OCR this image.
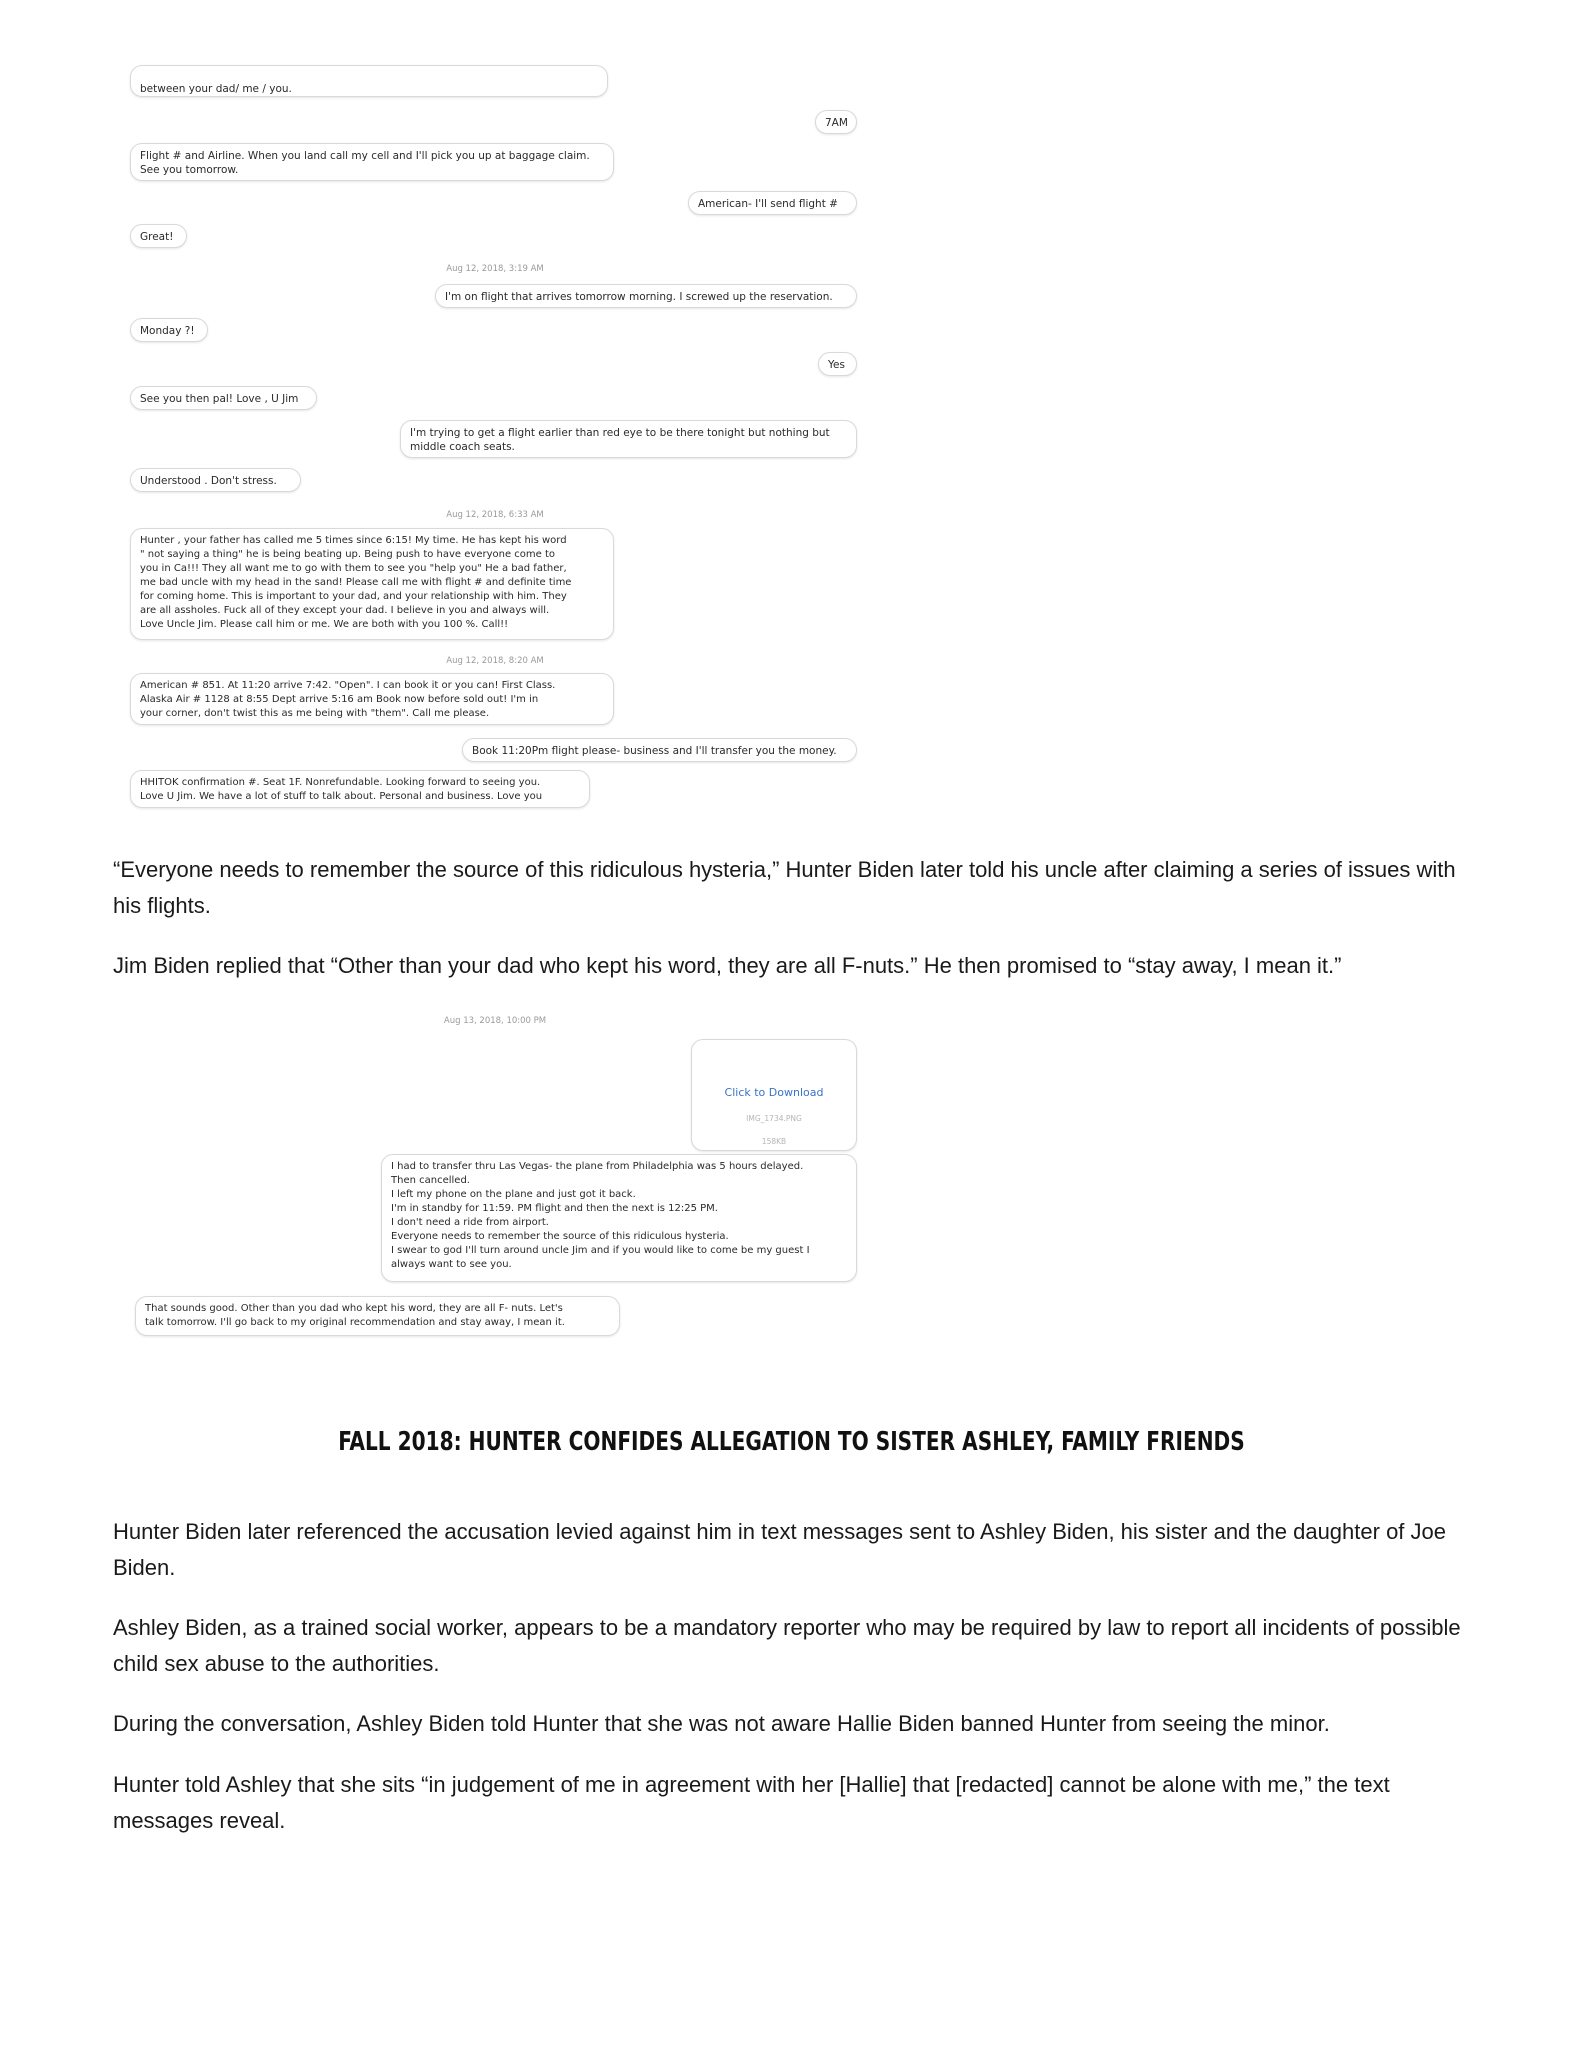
between your dad/ me / you.
7AM
Flight # and Airline. When you land call my cell and I'll pick you up at baggage claim.
See you tomorrow.
American- I'll send flight #
Great!
Aug 12, 2018, 3:19 AM
I'm on flight that arrives tomorrow morning. I screwed up the reservation.
Monday ?!
Yes
See you then pal! Love , U Jim
I'm trying to get a flight earlier than red eye to be there tonight but nothing but
middle coach seats.
Understood . Don't stress.
Aug 12, 2018, 6:33 AM
Hunter , your father has called me 5 times since 6:15! My time. He has kept his word
" not saying a thing" he is being beating up. Being push to have everyone come to
you in Ca!!! They all want me to go with them to see you "help you" He a bad father,
me bad uncle with my head in the sand! Please call me with flight # and definite time
for coming home. This is important to your dad, and your relationship with him. They
are all assholes. Fuck all of they except your dad. I believe in you and always will.
Love Uncle Jim. Please call him or me. We are both with you 100 %. Call!!
Aug 12, 2018, 8:20 AM
American # 851. At 11:20 arrive 7:42. "Open". I can book it or you can! First Class.
Alaska Air # 1128 at 8:55 Dept arrive 5:16 am Book now before sold out! I'm in
your corner, don't twist this as me being with "them". Call me please.
Book 11:20Pm flight please- business and I'll transfer you the money.
HHITOK confirmation #. Seat 1F. Nonrefundable. Looking forward to seeing you.
Love U Jim. We have a lot of stuff to talk about. Personal and business. Love you

“Everyone needs to remember the source of this ridiculous hysteria,” Hunter Biden later told his uncle after claiming a series of issues with his flights.

Jim Biden replied that “Other than your dad who kept his word, they are all F-nuts.” He then promised to “stay away, I mean it.”

Aug 13, 2018, 10:00 PM

Click to Download

IMG_1734.PNG

158KB

I had to transfer thru Las Vegas- the plane from Philadelphia was 5 hours delayed.
Then cancelled.
I left my phone on the plane and just got it back.
I'm in standby for 11:59. PM flight and then the next is 12:25 PM.
I don't need a ride from airport.
Everyone needs to remember the source of this ridiculous hysteria.
I swear to god I'll turn around uncle Jim and if you would like to come be my guest I
always want to see you.
That sounds good. Other than you dad who kept his word, they are all F- nuts. Let's
talk tomorrow. I'll go back to my original recommendation and stay away, I mean it.
FALL 2018: HUNTER CONFIDES ALLEGATION TO SISTER ASHLEY, FAMILY FRIENDS

Hunter Biden later referenced the accusation levied against him in text messages sent to Ashley Biden, his sister and the daughter of Joe Biden.

Ashley Biden, as a trained social worker, appears to be a mandatory reporter who may be required by law to report all incidents of possible child sex abuse to the authorities.

During the conversation, Ashley Biden told Hunter that she was not aware Hallie Biden banned Hunter from seeing the minor.

Hunter told Ashley that she sits “in judgement of me in agreement with her [Hallie] that [redacted] cannot be alone with me,” the text messages reveal.
